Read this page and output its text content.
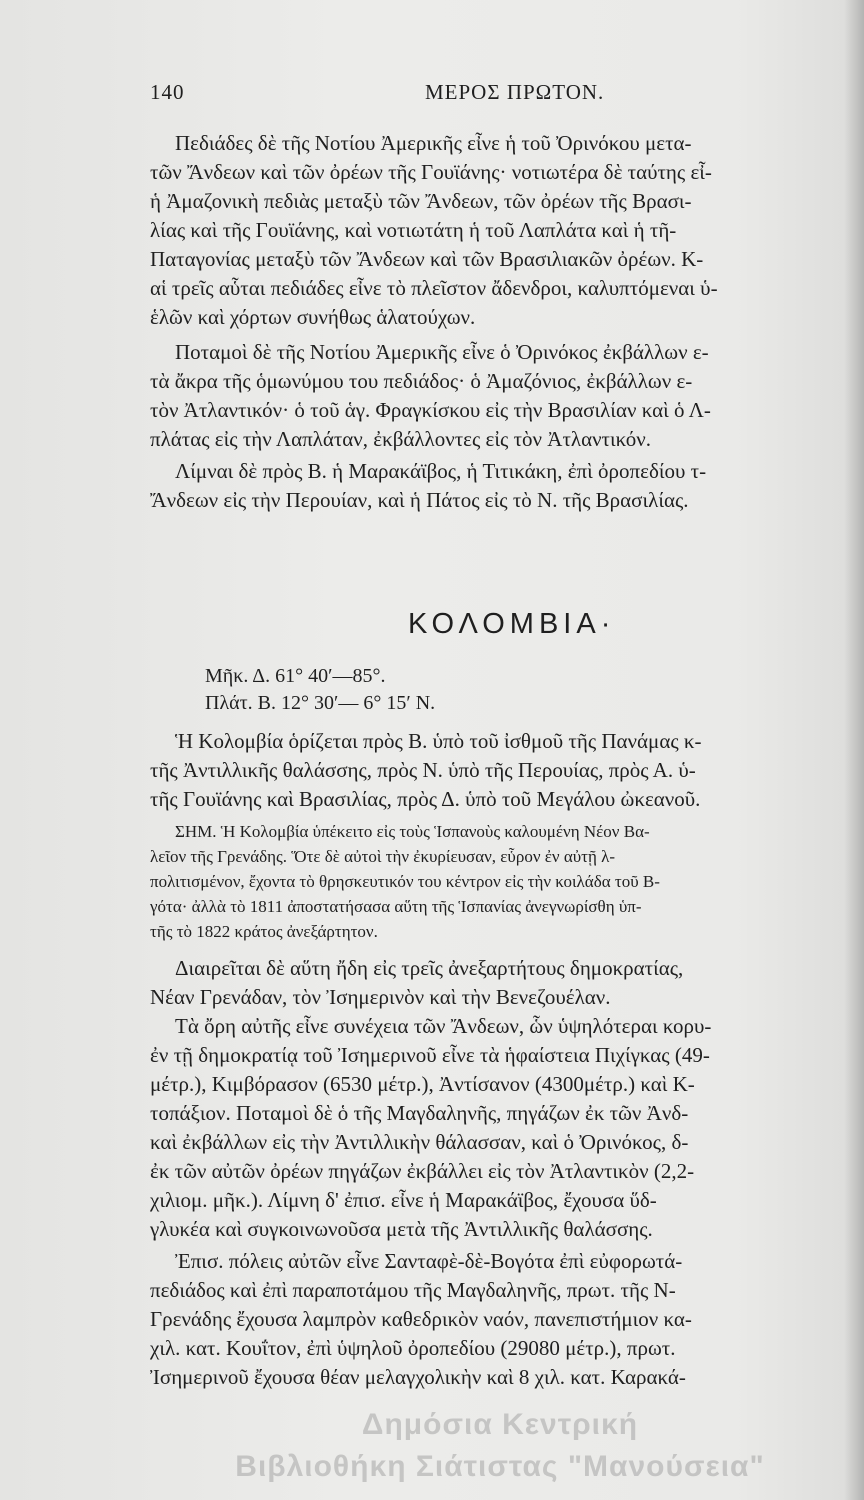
140	ΜΕΡΟΣ ΠΡΩΤΟΝ.
Πεδιάδες δὲ τῆς Νοτίου Ἀμερικῆς εἶνε ἡ τοῦ Ὀρινόκου μετα-
τῶν Ἄνδεων καὶ τῶν ὀρέων τῆς Γουϊάνης· νοτιωτέρα δὲ ταύτης εἶ-
ἡ Ἀμαζονικὴ πεδιὰς μεταξὺ τῶν Ἄνδεων, τῶν ὀρέων τῆς Βρασι-
λίας καὶ τῆς Γουϊάνης, καὶ νοτιωτάτη ἡ τοῦ Λαπλάτα καὶ ἡ τῆ-
Παταγονίας μεταξὺ τῶν Ἄνδεων καὶ τῶν Βρασιλιακῶν ὀρέων. Κ-
αἱ τρεῖς αὗται πεδιάδες εἶνε τὸ πλεῖστον ἄδενδροι, καλυπτόμεναι ὑ-
ἑλῶν καὶ χόρτων συνήθως ἁλατούχων.
Ποταμοὶ δὲ τῆς Νοτίου Ἀμερικῆς εἶνε ὁ Ὀρινόκος ἐκβάλλων ε-
τὰ ἄκρα τῆς ὁμωνύμου του πεδιάδος· ὁ Ἀμαζόνιος, ἐκβάλλων ε-
τὸν Ἀτλαντικόν· ὁ τοῦ ἁγ. Φραγκίσκου εἰς τὴν Βρασιλίαν καὶ ὁ Λ-
πλάτας εἰς τὴν Λαπλάταν, ἐκβάλλοντες εἰς τὸν Ἀτλαντικόν.
Λίμναι δὲ πρὸς Β. ἡ Μαρακάϊβος, ἡ Τιτικάκη, ἐπὶ ὀροπεδίου τ-
Ἄνδεων εἰς τὴν Περουίαν, καὶ ἡ Πάτος εἰς τὸ Ν. τῆς Βρασιλίας.
ΚΟΛΟΜΒΙΑ·
Μῆκ. Δ. 61° 40′—85°.
Πλάτ. Β. 12° 30′— 6° 15′ Ν.
Ἡ Κολομβία ὁρίζεται πρὸς Β. ὑπὸ τοῦ ἰσθμοῦ τῆς Πανάμας κ-
τῆς Ἀντιλλικῆς θαλάσσης, πρὸς Ν. ὑπὸ τῆς Περουίας, πρὸς Α. ὑ-
τῆς Γουϊάνης καὶ Βρασιλίας, πρὸς Δ. ὑπὸ τοῦ Μεγάλου ὠκεανοῦ.
ΣΗΜ. Ἡ Κολομβία ὑπέκειτο εἰς τοὺς Ἱσπανοὺς καλουμένη Νέον Βα-
λεῖον τῆς Γρενάδης. Ὅτε δὲ αὐτοὶ τὴν ἐκυρίευσαν, εὗρον ἐν αὐτῇ λ-
πολιτισμένον, ἔχοντα τὸ θρησκευτικόν του κέντρον εἰς τὴν κοιλάδα τοῦ Β-
γότα· ἀλλὰ τὸ 1811 ἀποστατήσασα αὕτη τῆς Ἱσπανίας ἀνεγνωρίσθη ὑπ-
τῆς τὸ 1822 κράτος ἀνεξάρτητον.
Διαιρεῖται δὲ αὕτη ἤδη εἰς τρεῖς ἀνεξαρτήτους δημοκρατίας,
Νέαν Γρενάδαν, τὸν Ἰσημερινὸν καὶ τὴν Βενεζουέλαν.
Τὰ ὄρη αὐτῆς εἶνε συνέχεια τῶν Ἄνδεων, ὧν ὑψηλότεραι κορυ-
ἐν τῇ δημοκρατίᾳ τοῦ Ἰσημερινοῦ εἶνε τὰ ἡφαίστεια Πιχίγκας (49-
μέτρ.), Κιμβόρασον (6530 μέτρ.), Ἀντίσανον (4300μέτρ.) καὶ Κ-
τοπάξιον. Ποταμοὶ δὲ ὁ τῆς Μαγδαληνῆς, πηγάζων ἐκ τῶν Ἀνδ-
καὶ ἐκβάλλων εἰς τὴν Ἀντιλλικὴν θάλασσαν, καὶ ὁ Ὀρινόκος, δ-
ἐκ τῶν αὐτῶν ὀρέων πηγάζων ἐκβάλλει εἰς τὸν Ἀτλαντικὸν (2,2-
χιλιομ. μῆκ.). Λίμνη δ' ἐπισ. εἶνε ἡ Μαρακάϊβος, ἔχουσα ὕδ-
γλυκέα καὶ συγκοινωνοῦσα μετὰ τῆς Ἀντιλλικῆς θαλάσσης.
Ἐπισ. πόλεις αὐτῶν εἶνε Σανταφὲ-δὲ-Βογότα ἐπὶ εὐφορωτά-
πεδιάδος καὶ ἐπὶ παραποτάμου τῆς Μαγδαληνῆς, πρωτ. τῆς Ν-
Γρενάδης ἔχουσα λαμπρὸν καθεδρικὸν ναόν, πανεπιστήμιον κα-
χιλ. κατ. Κουΐτον, ἐπὶ ὑψηλοῦ ὀροπεδίου (29080 μέτρ.), πρωτ.
Ἰσημερινοῦ ἔχουσα θέαν μελαγχολικὴν καὶ 8 χιλ. κατ. Καρακά-
Δημόσια Κεντρική
Βιβλιοθήκη Σιάτιστας "Μανούσεια"
